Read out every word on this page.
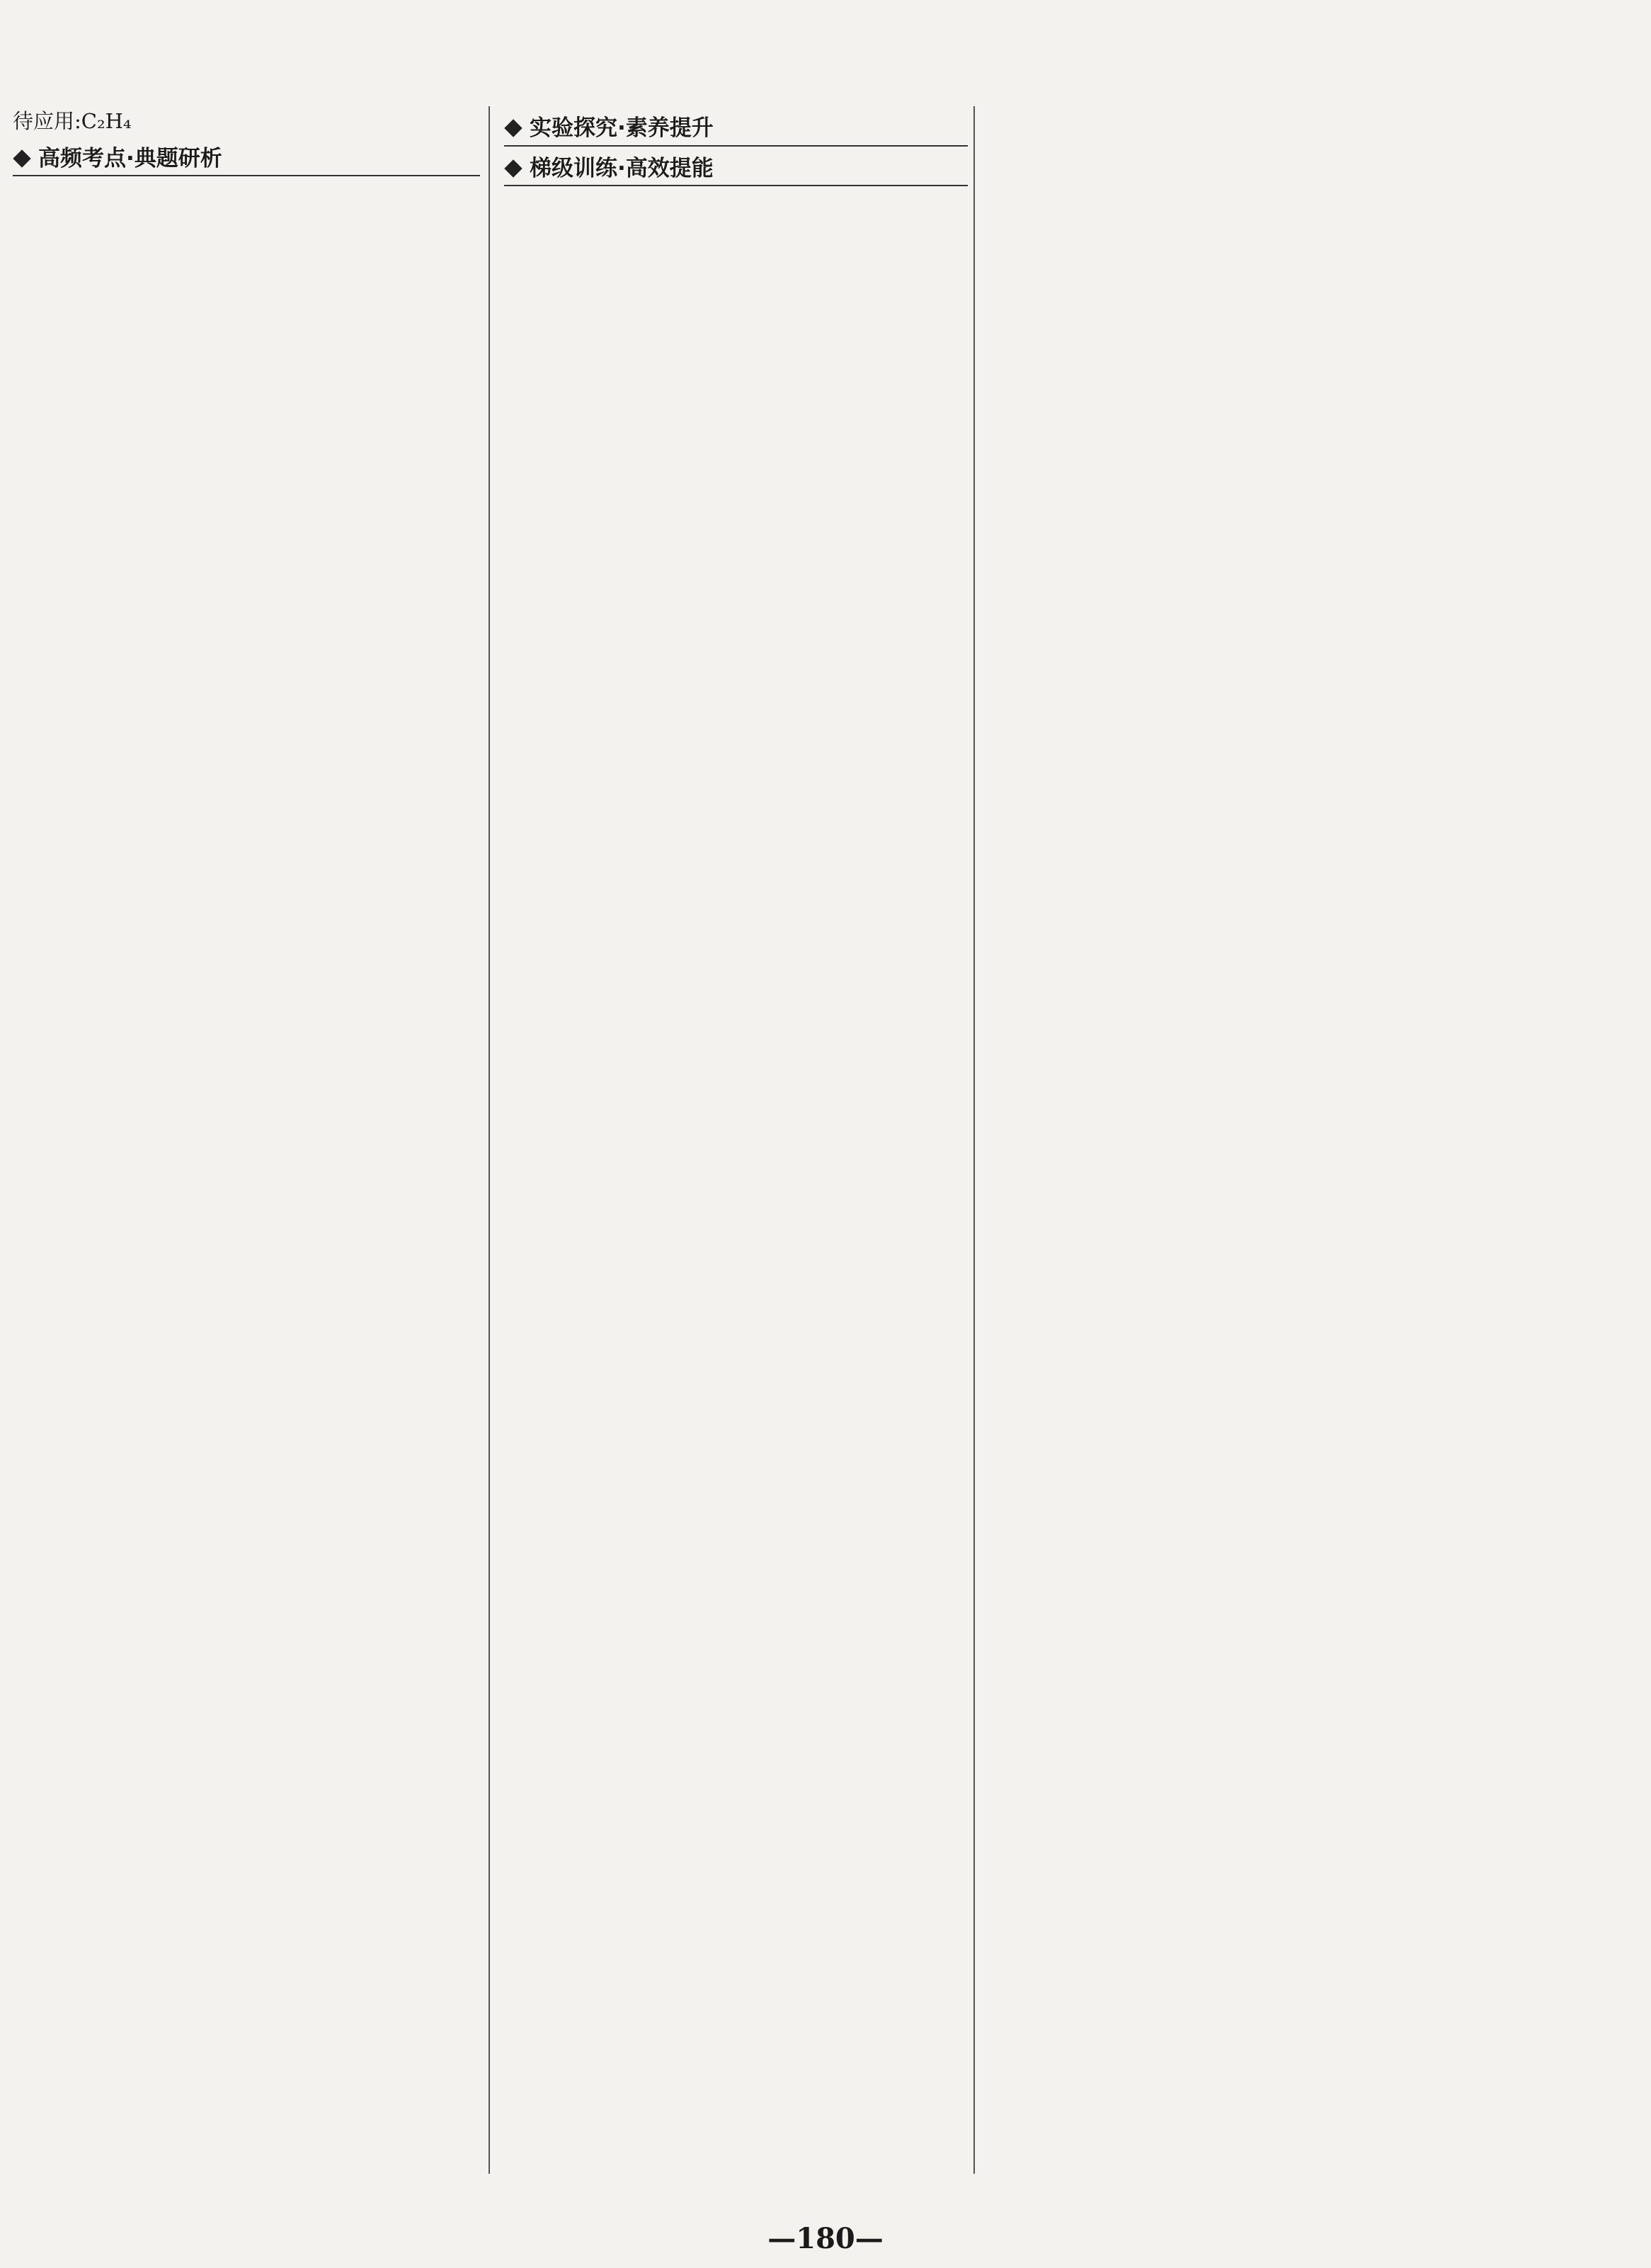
待应用:C₂H₄
高频考点·典题研析
实验探究·素养提升
梯级训练·高效提能
—180—
